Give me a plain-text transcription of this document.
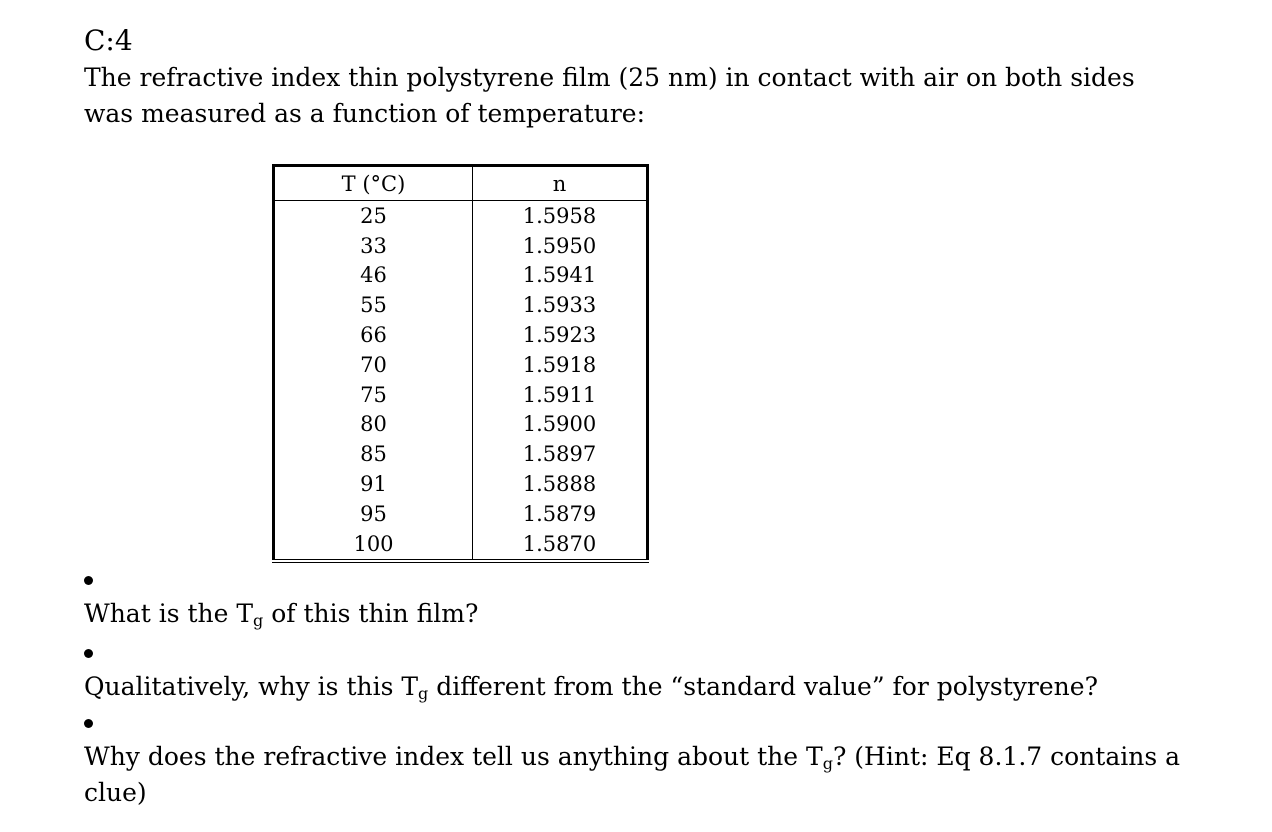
C:4
The refractive index thin polystyrene film (25 nm) in contact with air on both sides
was measured as a function of temperature:
T (°C)	n
25	1.5958
33	1.5950
46	1.5941
55	1.5933
66	1.5923
70	1.5918
75	1.5911
80	1.5900
85	1.5897
91	1.5888
95	1.5879
100	1.5870
What is the Tg of this thin film?
Qualitatively, why is this Tg different from the “standard value” for polystyrene?
Why does the refractive index tell us anything about the Tg? (Hint: Eq 8.1.7 contains a
clue)
